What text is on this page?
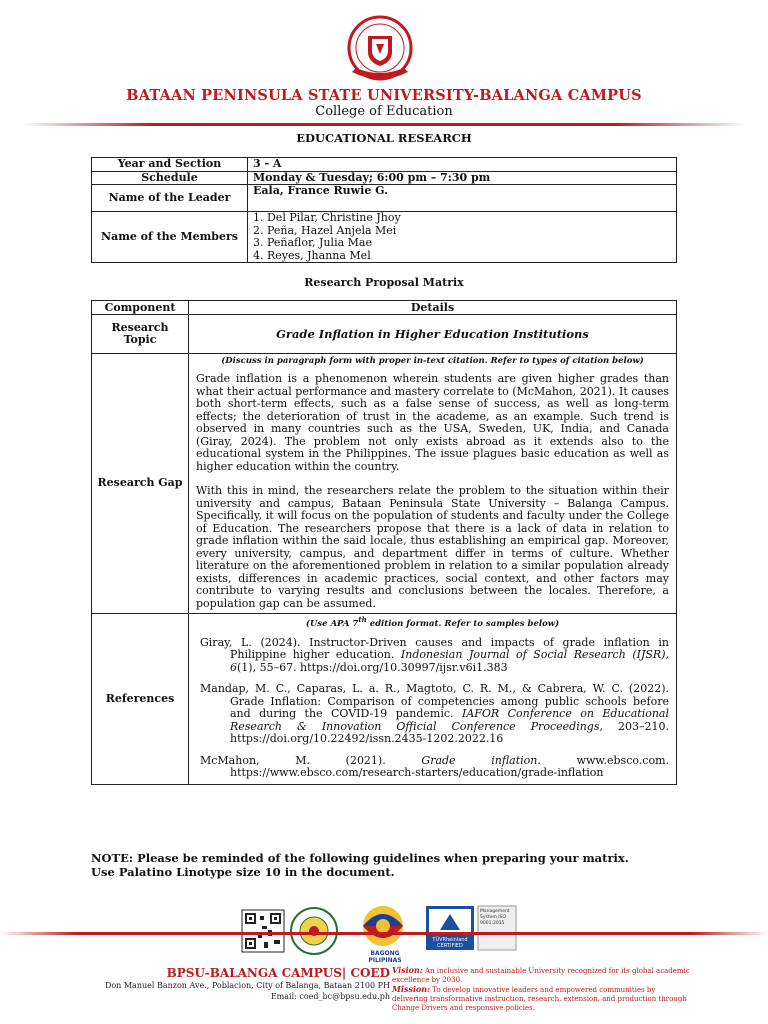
BATAAN PENINSULA STATE UNIVERSITY-BALANGA CAMPUS
College of Education
EDUCATIONAL RESEARCH
Year and Section	3 - A
Schedule	Monday & Tuesday; 6:00 pm – 7:30 pm
Name of the Leader	Eala, France Ruwie G.
Name of the Members	1. Del Pilar, Christine Jhoy
2. Peña, Hazel Anjela Mei
3. Peñaflor, Julia Mae
4. Reyes, Jhanna Mel
Research Proposal Matrix
Component	Details
Research Topic	Grade Inflation in Higher Education Institutions
Research Gap	(Discuss in paragraph form with proper in-text citation. Refer to types of citation below)

Grade inflation is a phenomenon wherein students are given higher grades than what their actual performance and mastery correlate to (McMahon, 2021). It causes both short-term effects, such as a false sense of success, as well as long-term effects; the deterioration of trust in the academe, as an example. Such trend is observed in many countries such as the USA, Sweden, UK, India, and Canada (Giray, 2024). The problem not only exists abroad as it extends also to the educational system in the Philippines. The issue plagues basic education as well as higher education within the country.

With this in mind, the researchers relate the problem to the situation within their university and campus, Bataan Peninsula State University – Balanga Campus. Specifically, it will focus on the population of students and faculty under the College of Education. The researchers propose that there is a lack of data in relation to grade inflation within the said locale, thus establishing an empirical gap. Moreover, every university, campus, and department differ in terms of culture. Whether literature on the aforementioned problem in relation to a similar population already exists, differences in academic practices, social context, and other factors may contribute to varying results and conclusions between the locales. Therefore, a population gap can be assumed.

References	(Use APA 7th edition format. Refer to samples below)

Giray, L. (2024). Instructor-Driven causes and impacts of grade inflation in Philippine higher education. Indonesian Journal of Social Research (IJSR), 6(1), 55–67. https://doi.org/10.30997/ijsr.v6i1.383

Mandap, M. C., Caparas, L. a. R., Magtoto, C. R. M., & Cabrera, W. C. (2022). Grade Inflation: Comparison of competencies among public schools before and during the COVID-19 pandemic. IAFOR Conference on Educational Research & Innovation Official Conference Proceedings, 203–210. https://doi.org/10.22492/issn.2435-1202.2022.16

McMahon, M. (2021). Grade inflation. www.ebsco.com. https://www.ebsco.com/research-starters/education/grade-inflation

NOTE: Please be reminded of the following guidelines when preparing your matrix.
Use Palatino Linotype size 10 in the document.
BAGONG PILIPINAS
TÜVRheinland
CERTIFIED
Management System ISO 9001:2015
BPSU-BALANGA CAMPUS| COED
Don Manuel Banzon Ave., Poblacion, City of Balanga, Bataan 2100 PH
Email: coed_bc@bpsu.edu.ph
Vision: An inclusive and sustainable University recognized for its global academic excellence by 2030.
Mission: To develop innovative leaders and empowered communities by delivering transformative instruction, research, extension, and production through Change Drivers and responsive policies.
